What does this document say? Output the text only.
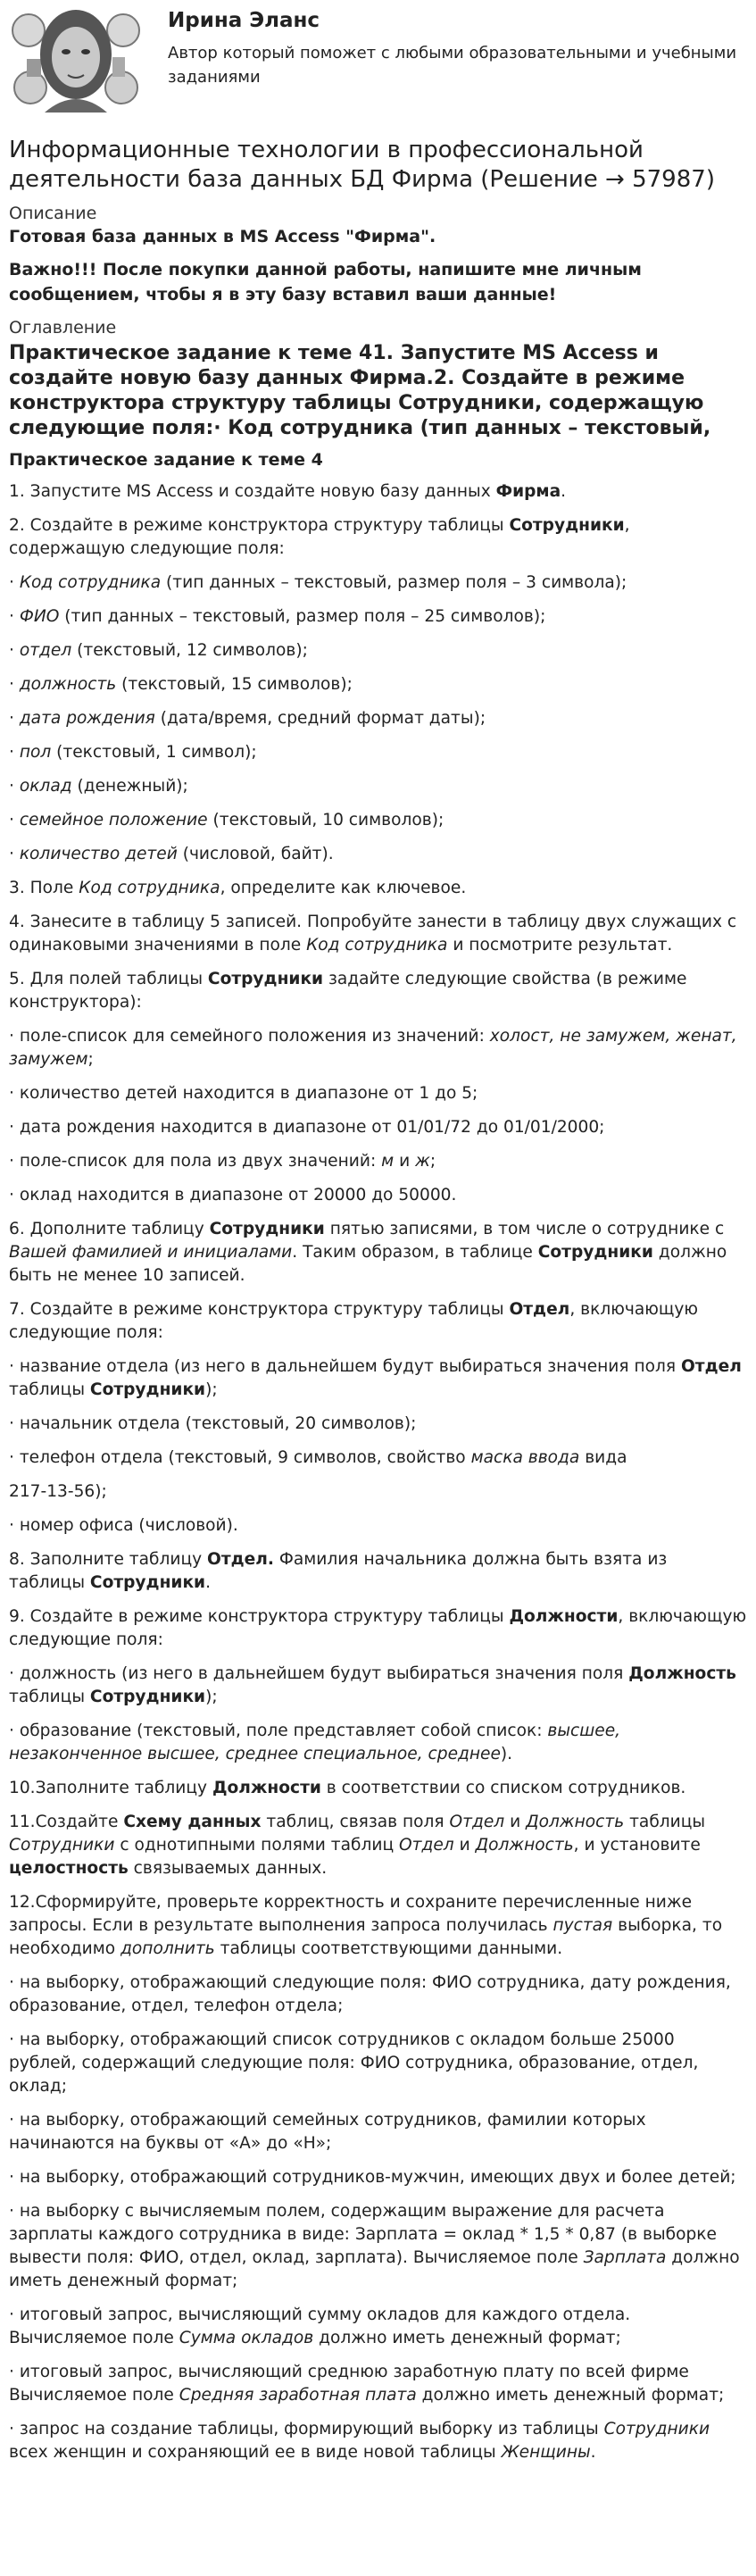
Ирина Эланс
Автор который поможет с любыми образовательными и учебными заданиями
Информационные технологии в профессиональной деятельности база данных БД Фирма (Решение → 57987)
Описание
Готовая база данных в MS Access "Фирма".
Важно!!! После покупки данной работы, напишите мне личным сообщением, чтобы я в эту базу вставил ваши данные!
Оглавление
Практическое задание к теме 41. Запустите MS Access и создайте новую базу данных Фирма.2. Создайте в режиме конструктора структуру таблицы Сотрудники, содержащую следующие поля:· Код сотрудника (тип данных – текстовый,
Практическое задание к теме 4

1. Запустите MS Access и создайте новую базу данных Фирма.

2. Создайте в режиме конструктора структуру таблицы Сотрудники, содержащую следующие поля:

· Код сотрудника (тип данных – текстовый, размер поля – 3 символа);

· ФИО (тип данных – текстовый, размер поля – 25 символов);

· отдел (текстовый, 12 символов);

· должность (текстовый, 15 символов);

· дата рождения (дата/время, средний формат даты);

· пол (текстовый, 1 символ);

· оклад (денежный);

· семейное положение (текстовый, 10 символов);

· количество детей (числовой, байт).

3. Поле Код сотрудника, определите как ключевое.

4. Занесите в таблицу 5 записей. Попробуйте занести в таблицу двух служащих с одинаковыми значениями в поле Код сотрудника и посмотрите результат.

5. Для полей таблицы Сотрудники задайте следующие свойства (в режиме конструктора):

· поле-список для семейного положения из значений: холост, не замужем, женат, замужем;

· количество детей находится в диапазоне от 1 до 5;

· дата рождения находится в диапазоне от 01/01/72 до 01/01/2000;

· поле-список для пола из двух значений: м и ж;

· оклад находится в диапазоне от 20000 до 50000.

6. Дополните таблицу Сотрудники пятью записями, в том числе о сотруднике с Вашей фамилией и инициалами. Таким образом, в таблице Сотрудники должно быть не менее 10 записей.

7. Создайте в режиме конструктора структуру таблицы Отдел, включающую следующие поля:

· название отдела (из него в дальнейшем будут выбираться значения поля Отдел таблицы Сотрудники);

· начальник отдела (текстовый, 20 символов);

· телефон отдела (текстовый, 9 символов, свойство маска ввода вида

217-13-56);

· номер офиса (числовой).

8. Заполните таблицу Отдел. Фамилия начальника должна быть взята из таблицы Сотрудники.

9. Создайте в режиме конструктора структуру таблицы Должности, включающую следующие поля:

· должность (из него в дальнейшем будут выбираться значения поля Должность таблицы Сотрудники);

· образование (текстовый, поле представляет собой список: высшее, незаконченное высшее, среднее специальное, среднее).

10.Заполните таблицу Должности в соответствии со списком сотрудников.

11.Создайте Схему данных таблиц, связав поля Отдел и Должность таблицы Сотрудники с однотипными полями таблиц Отдел и Должность, и установите целостность связываемых данных.

12.Сформируйте, проверьте корректность и сохраните перечисленные ниже запросы. Если в результате выполнения запроса получилась пустая выборка, то необходимо дополнить таблицы соответствующими данными.

· на выборку, отображающий следующие поля: ФИО сотрудника, дату рождения, образование, отдел, телефон отдела;

· на выборку, отображающий список сотрудников с окладом больше 25000 рублей, содержащий следующие поля: ФИО сотрудника, образование, отдел, оклад;

· на выборку, отображающий семейных сотрудников, фамилии которых начинаются на буквы от «А» до «Н»;

· на выборку, отображающий сотрудников-мужчин, имеющих двух и более детей;

· на выборку с вычисляемым полем, содержащим выражение для расчета зарплаты каждого сотрудника в виде: Зарплата = оклад * 1,5 * 0,87 (в выборке вывести поля: ФИО, отдел, оклад, зарплата). Вычисляемое поле Зарплата должно иметь денежный формат;

· итоговый запрос, вычисляющий сумму окладов для каждого отдела. Вычисляемое поле Сумма окладов должно иметь денежный формат;

· итоговый запрос, вычисляющий среднюю заработную плату по всей фирме Вычисляемое поле Средняя заработная плата должно иметь денежный формат;

· запрос на создание таблицы, формирующий выборку из таблицы Сотрудники всех женщин и сохраняющий ее в виде новой таблицы Женщины.
